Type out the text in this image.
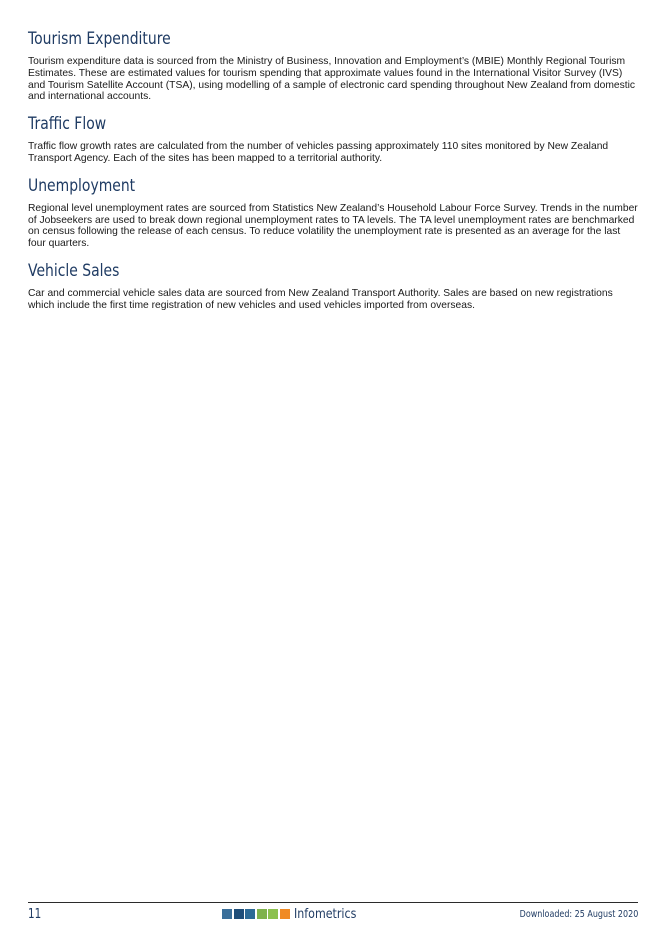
Tourism Expenditure

Tourism expenditure data is sourced from the Ministry of Business, Innovation and Employment’s (MBIE) Monthly Regional Tourism Estimates. These are estimated values for tourism spending that approximate values found in the International Visitor Survey (IVS) and Tourism Satellite Account (TSA), using modelling of a sample of electronic card spending throughout New Zealand from domestic and international accounts.

Traffic Flow

Traffic flow growth rates are calculated from the number of vehicles passing approximately 110 sites monitored by New Zealand Transport Agency. Each of the sites has been mapped to a territorial authority.

Unemployment

Regional level unemployment rates are sourced from Statistics New Zealand’s Household Labour Force Survey. Trends in the number of Jobseekers are used to break down regional unemployment rates to TA levels. The TA level unemployment rates are benchmarked on census following the release of each census. To reduce volatility the unemployment rate is presented as an average for the last four quarters.

Vehicle Sales

Car and commercial vehicle sales data are sourced from New Zealand Transport Authority. Sales are based on new registrations which include the first time registration of new vehicles and used vehicles imported from overseas.

11	Infometrics	Downloaded: 25 August 2020
